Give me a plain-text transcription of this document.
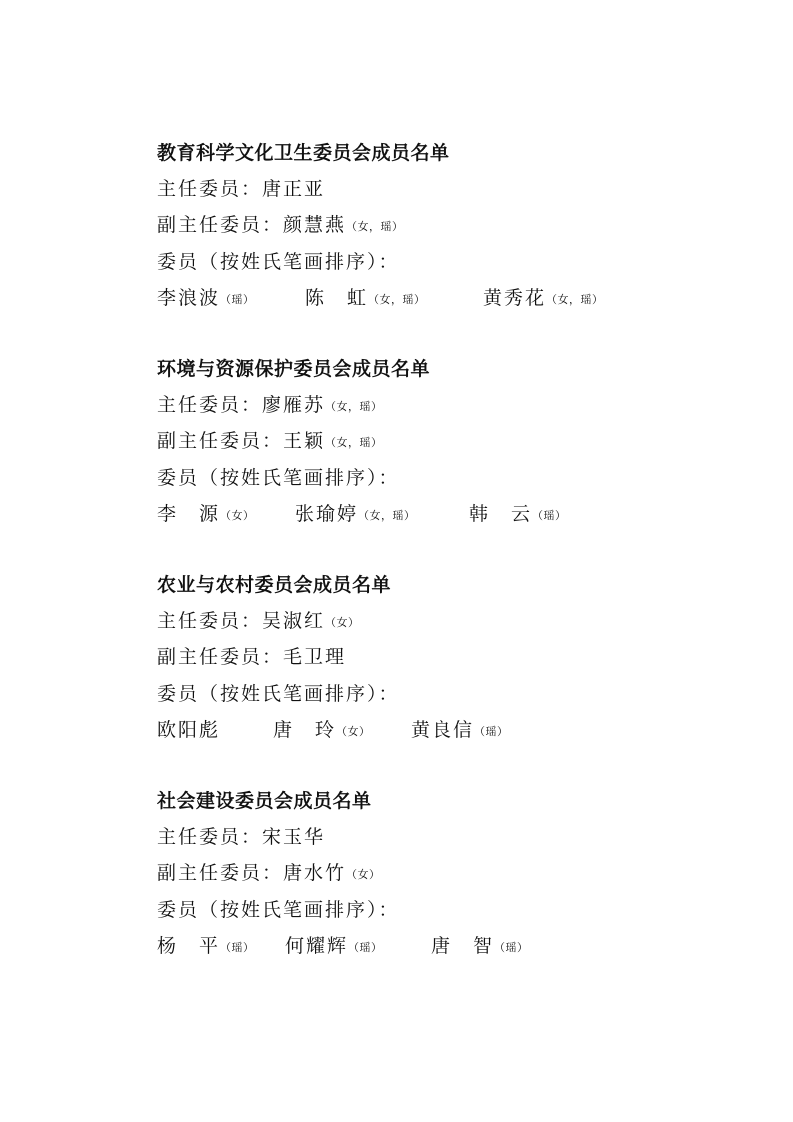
教育科学文化卫生委员会成员名单
主任委员：唐正亚
副主任委员：颜慧燕（女，瑶）
委员（按姓氏笔画排序）：
李浪波（瑶）	陈　虹（女，瑶）	黄秀花（女，瑶）
环境与资源保护委员会成员名单
主任委员：廖雁苏（女，瑶）
副主任委员：王颖（女，瑶）
委员（按姓氏笔画排序）：
李　源（女） 张瑜婷（女，瑶）	韩　云（瑶）
农业与农村委员会成员名单
主任委员：吴淑红（女）
副主任委员：毛卫理
委员（按姓氏笔画排序）：
欧阳彪	唐　玲（女） 黄良信（瑶）
社会建设委员会成员名单
主任委员：宋玉华
副主任委员：唐水竹（女）
委员（按姓氏笔画排序）：
杨　平（瑶） 何耀辉（瑶）	唐　智（瑶）
